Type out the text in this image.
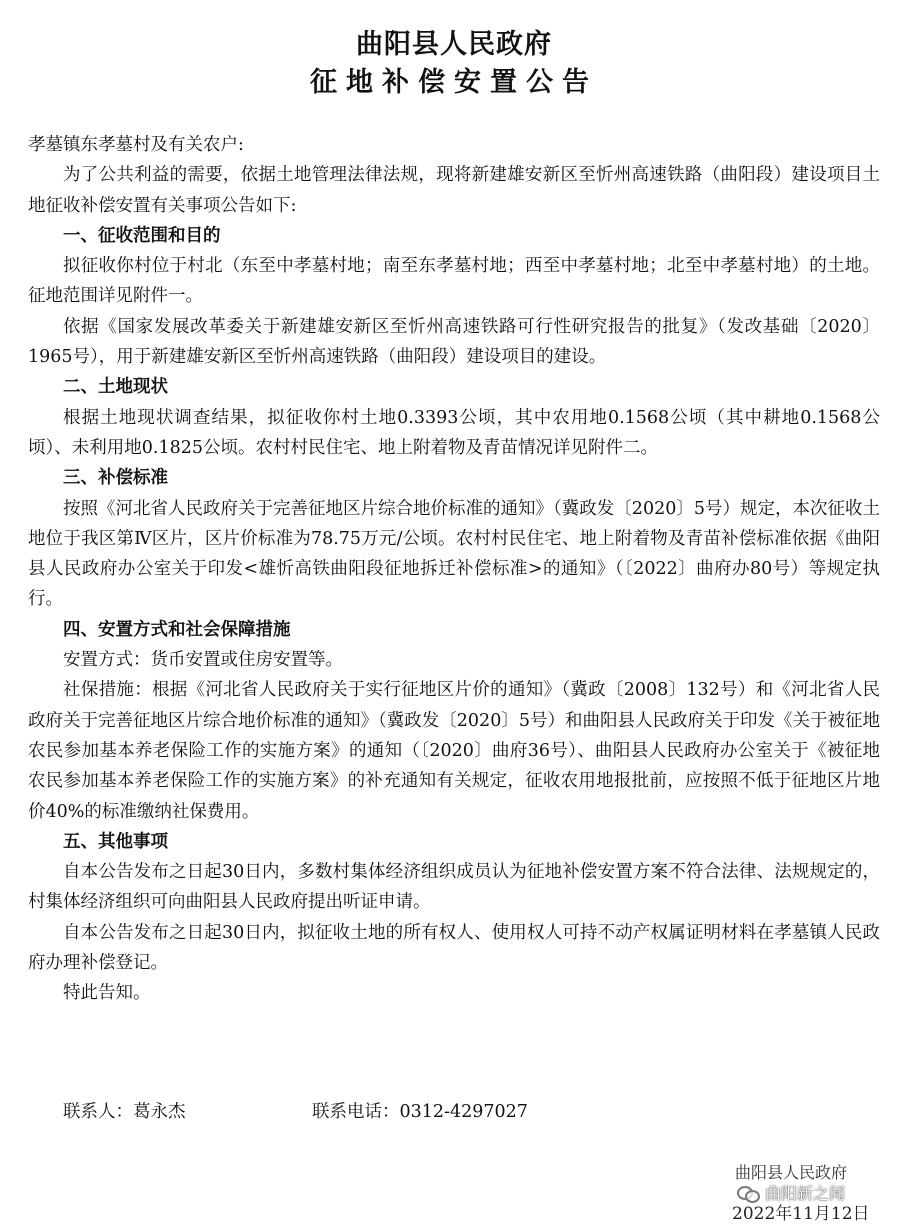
曲阳县人民政府
征地补偿安置公告

孝墓镇东孝墓村及有关农户:

为了公共利益的需要，依据土地管理法律法规，现将新建雄安新区至忻州高速铁路（曲阳段）建设项目土地征收补偿安置有关事项公告如下:

一、征收范围和目的

拟征收你村位于村北（东至中孝墓村地；南至东孝墓村地；西至中孝墓村地；北至中孝墓村地）的土地。征地范围详见附件一。

依据《国家发展改革委关于新建雄安新区至忻州高速铁路可行性研究报告的批复》（发改基础〔2020〕1965号），用于新建雄安新区至忻州高速铁路（曲阳段）建设项目的建设。

二、土地现状

根据土地现状调查结果，拟征收你村土地0.3393公顷，其中农用地0.1568公顷（其中耕地0.1568公顷）、未利用地0.1825公顷。农村村民住宅、地上附着物及青苗情况详见附件二。

三、补偿标准

按照《河北省人民政府关于完善征地区片综合地价标准的通知》（冀政发〔2020〕5号）规定，本次征收土地位于我区第Ⅳ区片，区片价标准为78.75万元/公顷。农村村民住宅、地上附着物及青苗补偿标准依据《曲阳县人民政府办公室关于印发<雄忻高铁曲阳段征地拆迁补偿标准>的通知》（〔2022〕曲府办80号）等规定执行。

四、安置方式和社会保障措施

安置方式：货币安置或住房安置等。

社保措施：根据《河北省人民政府关于实行征地区片价的通知》（冀政〔2008〕132号）和《河北省人民政府关于完善征地区片综合地价标准的通知》（冀政发〔2020〕5号）和曲阳县人民政府关于印发《关于被征地农民参加基本养老保险工作的实施方案》的通知（〔2020〕曲府36号）、曲阳县人民政府办公室关于《被征地农民参加基本养老保险工作的实施方案》的补充通知有关规定，征收农用地报批前，应按照不低于征地区片地价40%的标准缴纳社保费用。

五、其他事项

自本公告发布之日起30日内，多数村集体经济组织成员认为征地补偿安置方案不符合法律、法规规定的，村集体经济组织可向曲阳县人民政府提出听证申请。

自本公告发布之日起30日内，拟征收土地的所有权人、使用权人可持不动产权属证明材料在孝墓镇人民政府办理补偿登记。

特此告知。

联系人：葛永杰	联系电话：0312-4297027
曲阳县人民政府
曲阳新之闻
2022年11月12日
